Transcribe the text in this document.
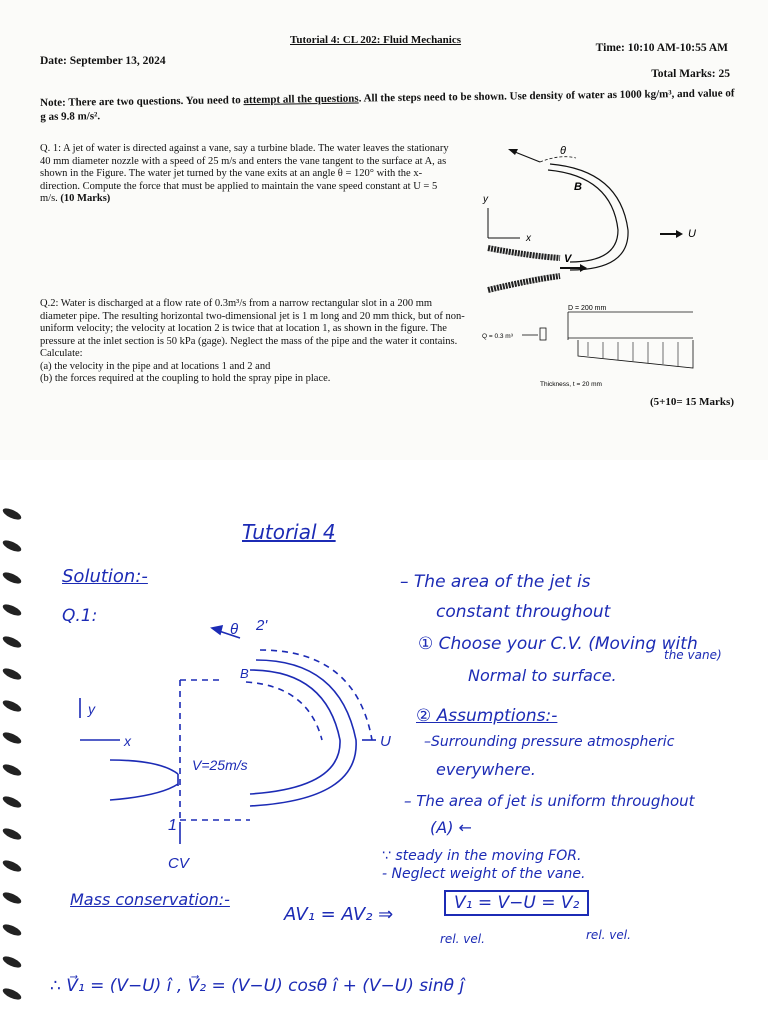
Tutorial 4: CL 202: Fluid Mechanics
Date: September 13, 2024
Time: 10:10 AM-10:55 AM
Total Marks: 25
Note: There are two questions. You need to attempt all the questions. All the steps need to be shown. Use density of water as 1000 kg/m³, and value of g as 9.8 m/s².
Q. 1: A jet of water is directed against a vane, say a turbine blade. The water leaves the stationary 40 mm diameter nozzle with a speed of 25 m/s and enters the vane tangent to the surface at A, as shown in the Figure. The water jet turned by the vane exits at an angle θ = 120° with the x-direction. Compute the force that must be applied to maintain the vane speed constant at U = 5 m/s. (10 Marks)
θ
B
U
y
x
V
Q.2: Water is discharged at a flow rate of 0.3m³/s from a narrow rectangular slot in a 200 mm diameter pipe. The resulting horizontal two-dimensional jet is 1 m long and 20 mm thick, but of non-uniform velocity; the velocity at location 2 is twice that at location 1, as shown in the figure. The pressure at the inlet section is 50 kPa (gage). Neglect the mass of the pipe and the water it contains. Calculate:
(a) the velocity in the pipe and at locations 1 and 2 and
(b) the forces required at the coupling to hold the spray pipe in place.
D = 200 mm
Q = 0.3 m³
Thickness, t = 20 mm
(5+10= 15 Marks)
Tutorial 4
Solution:-
Q.1:
– The area of the jet is
constant throughout
① Choose your C.V. (Moving with
the vane)
Normal to surface.
② Assumptions:-
–Surrounding pressure atmospheric
everywhere.
– The area of jet is uniform throughout
(A) ←
∵ steady in the moving FOR.
- Neglect weight of the vane.
Mass conservation:-
AV₁ = AV₂ ⇒
V₁ = V−U = V₂
rel. vel.	rel. vel.
∴ V⃗₁ = (V−U) î , V⃗₂ = (V−U) cosθ î + (V−U) sinθ ĵ
θ 2'
B
y
x	U
V=25m/s
1
CV
